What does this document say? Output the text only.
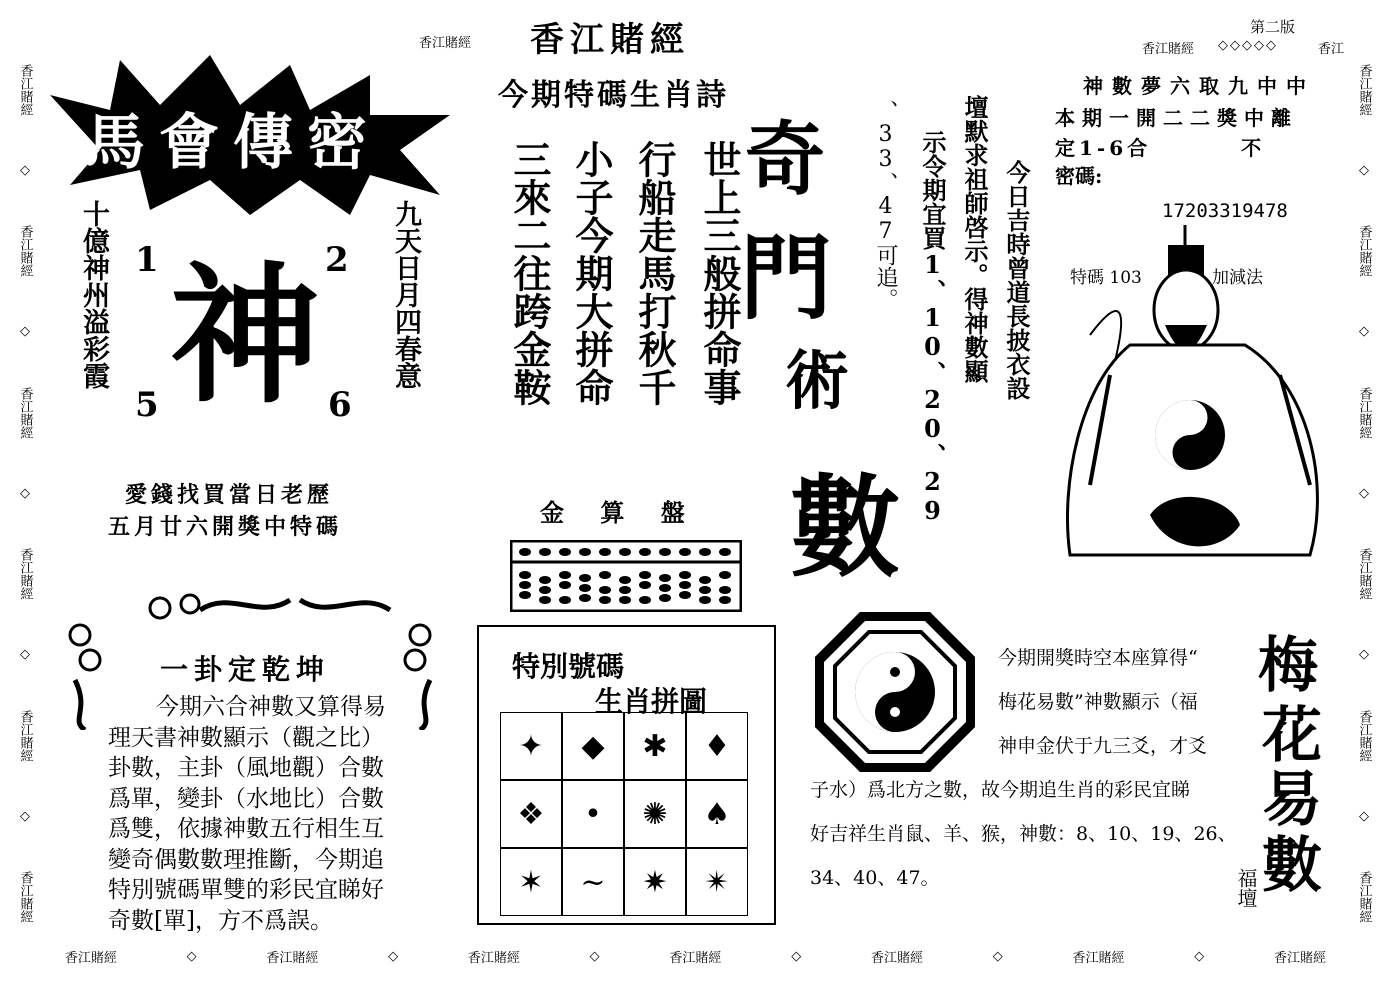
香江賭經 香江賭經	第二版
香江賭經 ◇◇◇◇◇	香江
香江賭經
◇
香江賭經
◇
香江賭經
◇
香江賭經
◇
香江賭經
◇
香江賭經
香江賭經
◇
香江賭經
◇
香江賭經
◇
香江賭經
◇
香江賭經
◇
香江賭經
香江賭經	◇	香江賭經	◇	香江賭經	◇	香江賭經	◇	香江賭經	◇	香江賭經	◇	香江賭經
馬會傳密
十億神州溢彩霞	九天日月四春意
神
1	2
5	6
愛錢找買當日老歷
五月廿六開獎中特碼
一卦定乾坤
今期六合神數又算得易
理天書神數顯示（觀之比）
卦數，主卦（風地觀）合數
爲單，變卦（水地比）合數
爲雙，依據神數五行相生互
變奇偶數數理推斷，今期追
特別號碼單雙的彩民宜睇好
奇數[單]，方不爲誤。
今期特碼生肖詩
世上三般拼命事
行船走馬打秋千
小子今期大拼命
三來二往跨金鞍
金 算 盤
奇
門
術
數
、33、47可追。 示令期宜買1、10、20、29 壇默求祖師啓示。得神數顯 今日吉時曾道長披衣設
神數夢六取九中中
本期一開二二獎中離
定1-6合	不
密碼:
17203319478
特碼 103	加減法
特別號碼
生肖拼圖
✦	◆	✱	♦
❖	•	✺	♠
✶	~	✷	✴
今期開獎時空本座算得“
梅花易數”神數顯示（福
神申金伏于九三爻，才爻
子水）爲北方之數，故今期追生肖的彩民宜睇
好吉祥生肖鼠、羊、猴，神數：8、10、19、26、
34、40、47。
梅
花
易
數
福壇
